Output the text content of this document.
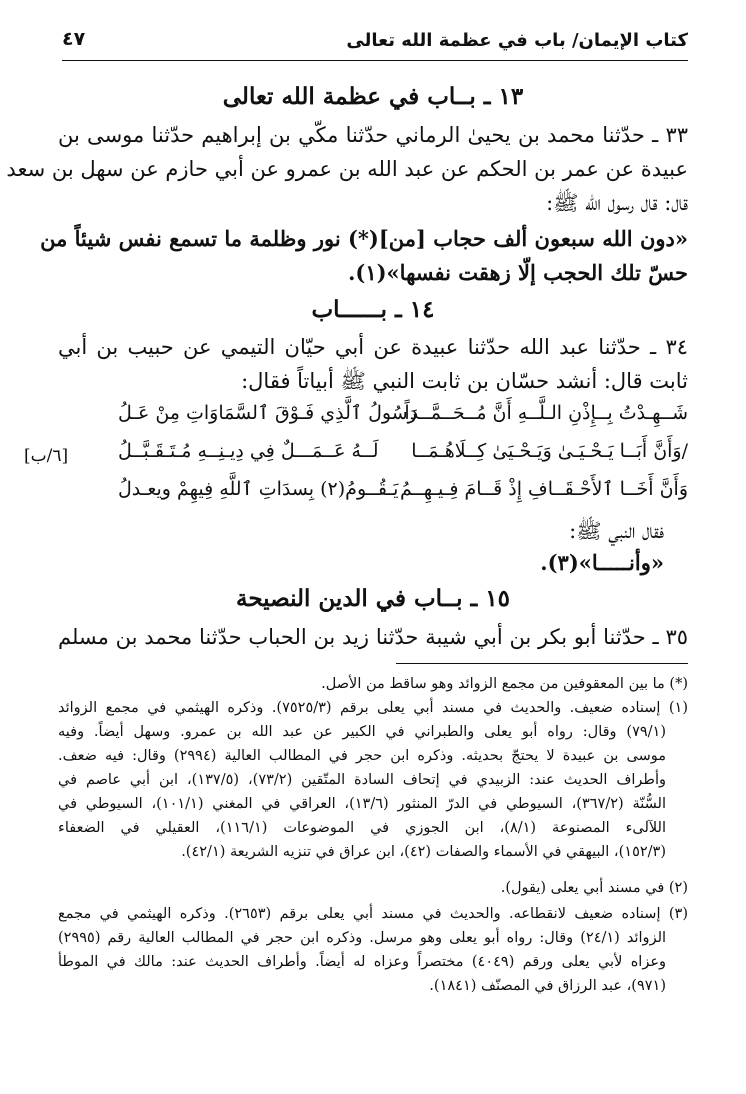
كتاب الإيمان/ باب في عظمة الله تعالى
٤٧
١٣ ـ بــاب في عظمة الله تعالى
٣٣ ـ حدّثنا محمد بن يحيىٰ الرماني حدّثنا مكّي بن إبراهيم حدّثنا موسى بن
عبيدة عن عمر بن الحكم عن عبد الله بن عمرو عن أبي حازم عن سهل بن سعد
قال: قال رسول الله ﷺ:
«دون الله سبعون ألف حجاب [من](*) نور وظلمة ما تسمع نفس شيئاً من
حسّ تلك الحجب إلّا زهقت نفسها»(١).
١٤ ـ بــــــاب
٣٤ ـ حدّثنا عبد الله حدّثنا عبيدة عن أبي حيّان التيمي عن حبيب بن أبي
ثابت قال: أنشد حسّان بن ثابت النبي ﷺ أبياتاً فقال:
شَــهِـدْتُ بِــإِذْنِ الـلَّــهِ أَنَّ مُــحَــمَّــداً
رَسُولُ ٱلَّذِي فَـوْقَ ٱلسَّمَاوَاتِ مِنْ عَـلُ
/وَأَنَّ أَبَــا يَـحْـيَـىٰ وَيَـحْـيَىٰ كِــلَاهُـمَــا
لَــهُ عَــمَـــلٌ فِي دِيـنِــهِ مُـتَـقَـبَّــلُ
[٦/ب]
وَأَنَّ أَخَــا ٱلأَحْـقَــافِ إِذْ قَــامَ فِـيـهِــمُ
يَـقُــومُ(٢) بِسدَاتِ ٱللَّهِ فِيهِمْ ويعـدلُ
فقال النبي ﷺ:
«وأنـــــا»(٣).
١٥ ـ بــاب في الدين النصيحة
٣٥ ـ حدّثنا أبو بكر بن أبي شيبة حدّثنا زيد بن الحباب حدّثنا محمد بن مسلم
(*) ما بين المعقوفين من مجمع الزوائد وهو ساقط من الأصل.
(١) إسناده ضعيف. والحديث في مسند أبي يعلى برقم (٧٥٢٥/٣). وذكره الهيثمي في مجمع الزوائد
(٧٩/١) وقال: رواه أبو يعلى والطبراني في الكبير عن عبد الله بن عمرو. وسهل أيضاً. وفيه
موسى بن عبيدة لا يحتجّ بحديثه. وذكره ابن حجر في المطالب العالية (٢٩٩٤) وقال: فيه ضعف.
وأطراف الحديث عند: الزبيدي في إتحاف السادة المتّقين (٧٣/٢)، (١٣٧/٥)، ابن أبي عاصم في
السُّنّة (٣٦٧/٢)، السيوطي في الدرّ المنثور (١٣/٦)، العراقي في المغني (١٠١/١)، السيوطي في
اللآلىء المصنوعة (٨/١)، ابن الجوزي في الموضوعات (١١٦/١)، العقيلي في الضعفاء
(١٥٢/٣)، البيهقي في الأسماء والصفات (٤٢)، ابن عراق في تنزيه الشريعة (٤٢/١).
(٢) في مسند أبي يعلى (يقول).
(٣) إسناده ضعيف لانقطاعه. والحديث في مسند أبي يعلى برقم (٢٦٥٣). وذكره الهيثمي في مجمع
الزوائد (٢٤/١) وقال: رواه أبو يعلى وهو مرسل. وذكره ابن حجر في المطالب العالية رقم (٢٩٩٥)
وعزاه لأبي يعلى ورقم (٤٠٤٩) مختصراً وعزاه له أيضاً. وأطراف الحديث عند: مالك في الموطأ
(٩٧١)، عبد الرزاق في المصنّف (١٨٤١).
